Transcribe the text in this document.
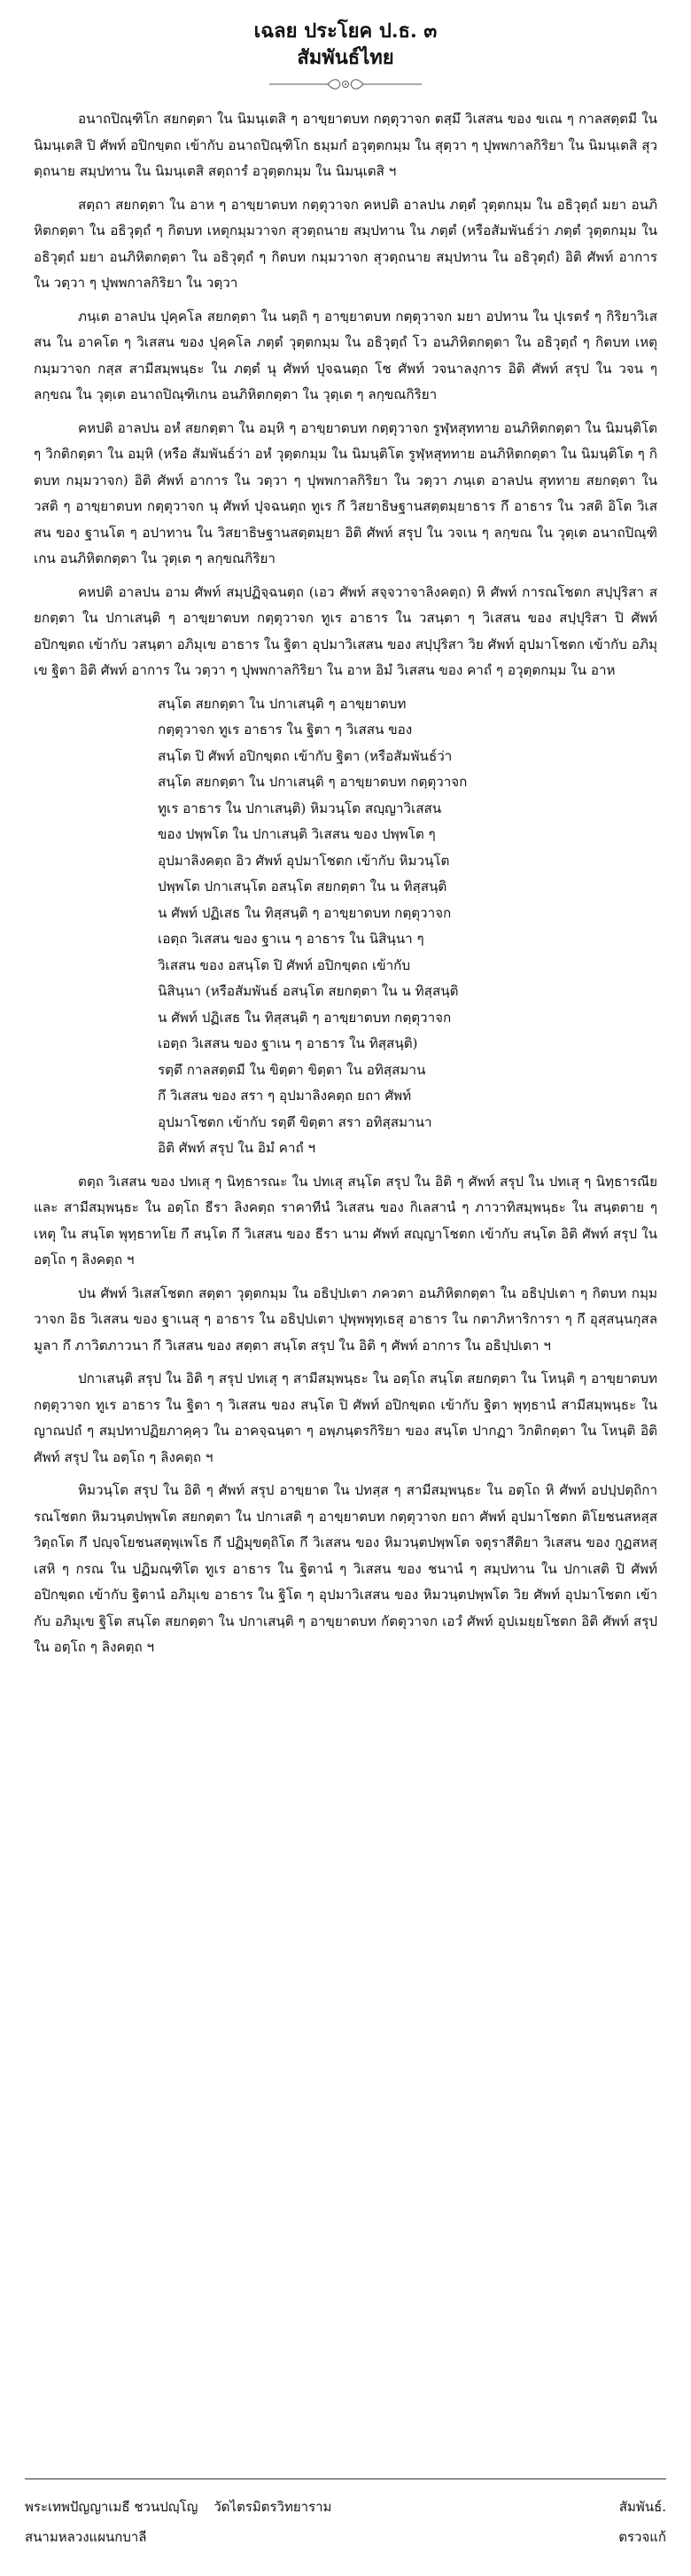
เฉลย ประโยค ป.ธ. ๓
สัมพันธ์ไทย

อนาถปิณฺฑิโก สยกตฺตา ใน นิมนฺเตสิ ๆ อาขฺยาตบท กตฺตุวาจก ตสฺมึ วิเสสน ของ ขเณ ๆ กาลสตฺตมี ใน นิมนฺเตสิ ปิ ศัพท์ อปิกขฺตถ เข้ากับ อนาถปิณฺฑิโก ธมฺมกํ อวุตฺตกมฺม ใน สุตฺวา ๆ ปุพพกาลกิริยา ใน นิมนฺเตสิ สุวตฺถนาย สมฺปทาน ใน นิมนฺเตสิ สตฺถารํ อวุตฺตกมฺม ใน นิมนฺเตสิ ฯ

สตฺถา สยกตฺตา ใน อาห ๆ อาขฺยาตบท กตฺตุวาจก คหปติ อาลปน ภตฺตํ วุตฺตกมฺม ใน อธิวุตฺถํ มยา อนภิหิตกตฺตา ใน อธิวุตฺถํ ๆ กิตบท เหตุกมฺมวาจก สุวตฺถนาย สมฺปทาน ใน ภตฺตํ (หรือสัมพันธ์ว่า ภตฺตํ วุตฺตกมฺม ใน อธิวุตฺถํ มยา อนภิหิตกตฺตา ใน อธิวุตฺถํ ๆ กิตบท กมฺมวาจก สุวตฺถนาย สมฺปทาน ใน อธิวุตฺถํ) อิติ ศัพท์ อาการ ใน วตฺวา ๆ ปุพพกาลกิริยา ใน วตฺวา

ภนฺเต อาลปน ปุคฺคโล สยกตฺตา ใน นตฺถิ ๆ อาขฺยาตบท กตฺตุวาจก มยา อปทาน ใน ปุเรตรํ ๆ กิริยาวิเสสน ใน อาคโต ๆ วิเสสน ของ ปุคฺคโล ภตฺตํ วุตฺตกมฺม ใน อธิวุตฺถํ โว อนภิหิตกตฺตา ใน อธิวุตฺถํ ๆ กิตบท เหตุกมฺมวาจก กสฺส สามีสมฺพนฺธะ ใน ภตฺตํ นุ ศัพท์ ปุจฉนตฺถ โช ศัพท์ วจนาลงฺการ อิติ ศัพท์ สรุป ใน วจน ๆ ลกฺขณ ใน วุตฺเต อนาถปิณฺฑิเกน อนภิหิตกตฺตา ใน วุตฺเต ๆ ลกฺขณกิริยา

คหปติ อาลปน อหํ สยกตฺตา ใน อมฺหิ ๆ อาขฺยาตบท กตฺตุวาจก รูฬฺหสุททาย อนภิหิตกตฺตา ใน นิมนฺติโต ๆ วิกติกตฺตา ใน อมฺหิ (หรือ สัมพันธ์ว่า อหํ วุตฺตกมฺม ใน นิมนฺติโต รูฬฺหสุททาย อนภิหิตกตฺตา ใน นิมนฺติโต ๆ กิตบท กมฺมวาจก) อิติ ศัพท์ อาการ ใน วตฺวา ๆ ปุพพกาลกิริยา ใน วตฺวา ภนฺเต อาลปน สุททาย สยกตฺตา ใน วสติ ๆ อาขฺยาตบท กตฺตุวาจก นุ ศัพท์ ปุจฉนตฺถ ทูเร กึ วิสยาธิษฐานสตฺตมฺยาธาร กึ อาธาร ใน วสติ อิโต วิเสสน ของ ฐานโต ๆ อปาทาน ใน วิสยาธิษฐานสตฺตมฺยา อิติ ศัพท์ สรุป ใน วจเน ๆ ลกฺขณ ใน วุตฺเต อนาถปิณฺฑิเกน อนภิหิตกตฺตา ใน วุตฺเต ๆ ลกฺขณกิริยา

คหปติ อาลปน อาม ศัพท์ สมฺปฏิจฺฉนตฺถ (เอว ศัพท์ สจฺจวาจาลิงคตฺถ) หิ ศัพท์ การณโชตก สปฺปุริสา สยกตฺตา ใน ปกาเสนฺติ ๆ อาขฺยาตบท กตฺตุวาจก ทูเร อาธาร ใน วสนฺตา ๆ วิเสสน ของ สปฺปุริสา ปิ ศัพท์ อปิกขฺตถ เข้ากับ วสนฺตา อภิมุเข อาธาร ใน ฐิตา อุปมาวิเสสน ของ สปฺปุริสา วิย ศัพท์ อุปมาโชตก เข้ากับ อภิมุเข ฐิตา อิติ ศัพท์ อาการ ใน วตฺวา ๆ ปุพพกาลกิริยา ใน อาห อิมํ วิเสสน ของ คาถํ ๆ อวุตฺตกมฺม ใน อาห

สนฺโต สยกตฺตา ใน ปกาเสนฺติ ๆ อาขฺยาตบท
กตฺตุวาจก ทูเร อาธาร ใน ฐิตา ๆ วิเสสน ของ
สนฺโต ปิ ศัพท์ อปิกขฺตถ เข้ากับ ฐิตา (หรือสัมพันธ์ว่า
สนฺโต สยกตฺตา ใน ปกาเสนฺติ ๆ อาขฺยาตบท กตฺตุวาจก
ทูเร อาธาร ใน ปกาเสนฺติ) หิมวนฺโต สญฺญาวิเสสน
ของ ปพฺพโต ใน ปกาเสนฺติ วิเสสน ของ ปพฺพโต ๆ
อุปมาลิงคตฺถ อิว ศัพท์ อุปมาโชตก เข้ากับ หิมวนฺโต
ปพฺพโต ปกาเสนฺโต อสนฺโต สยกตฺตา ใน น ทิสฺสนฺติ
น ศัพท์ ปฏิเสธ ใน ทิสฺสนฺติ ๆ อาขฺยาตบท กตฺตุวาจก
เอตฺถ วิเสสน ของ ฐาเน ๆ อาธาร ใน นิสินฺนา ๆ
วิเสสน ของ อสนฺโต ปิ ศัพท์ อปิกขฺตถ เข้ากับ
นิสินฺนา (หรือสัมพันธ์ อสนฺโต สยกตฺตา ใน น ทิสฺสนฺติ
น ศัพท์ ปฏิเสธ ใน ทิสฺสนฺติ ๆ อาขฺยาตบท กตฺตุวาจก
เอตฺถ วิเสสน ของ ฐาเน ๆ อาธาร ใน ทิสฺสนฺติ)
รตฺตึ กาลสตฺตมี ใน ขิตฺตา ขิตฺตา ใน อทิสฺสมาน
กึ วิเสสน ของ สรา ๆ อุปมาลิงคตฺถ ยถา ศัพท์
อุปมาโชตก เข้ากับ รตฺตึ ขิตฺตา สรา อทิสฺสมานา
อิติ ศัพท์ สรุป ใน อิมํ คาถํ ฯ

ตตฺถ วิเสสน ของ ปทเสุ ๆ นิทฺธารณะ ใน ปทเสุ สนฺโต สรุป ใน อิติ ๆ ศัพท์ สรุป ใน ปทเสุ ๆ นิทฺธารณีย และ สามีสมฺพนฺธะ ใน อตฺโถ ธีรา ลิงคตฺถ ราคาทีนํ วิเสสน ของ กิเลสานํ ๆ ภาวาทิสมฺพนฺธะ ใน สนฺตตาย ๆ เหตุ ใน สนฺโต พุทฺธาทโย กึ สนฺโต กึ วิเสสน ของ ธีรา นาม ศัพท์ สญฺญาโชตก เข้ากับ สนฺโต อิติ ศัพท์ สรุป ใน อตฺโถ ๆ ลิงคตฺถ ฯ

ปน ศัพท์ วิเสสโชตก สตฺตา วุตฺตกมฺม ใน อธิปฺปเตา ภควตา อนภิหิตกตฺตา ใน อธิปฺปเตา ๆ กิตบท กมฺมวาจก อิธ วิเสสน ของ ฐาเนสุ ๆ อาธาร ใน อธิปฺปเตา ปุพฺพพุทฺเธสุ อาธาร ใน กตาภิหาริการา ๆ กึ อุสฺสนฺนกุสลมูลา กึ ภาวิตภาวนา กึ วิเสสน ของ สตฺตา สนฺโต สรุป ใน อิติ ๆ ศัพท์ อาการ ใน อธิปฺปเตา ฯ

ปกาเสนฺติ สรุป ใน อิติ ๆ สรุป ปทเสุ ๆ สามีสมฺพนฺธะ ใน อตฺโถ สนฺโต สยกตฺตา ใน โหนฺติ ๆ อาขฺยาตบท กตฺตุวาจก ทูเร อาธาร ใน ฐิตา ๆ วิเสสน ของ สนฺโต ปิ ศัพท์ อปิกขฺตถ เข้ากับ ฐิตา พุทฺธานํ สามีสมฺพนฺธะ ใน ญาณปถํ ๆ สมฺปทาปฏิยภาคฺคฺว ใน อาคจฺฉนฺตา ๆ อพฺภนฺตรกิริยา ของ สนฺโต ปากฏา วิกติกตฺตา ใน โหนฺติ อิติ ศัพท์ สรุป ใน อตฺโถ ๆ ลิงคตฺถ ฯ

หิมวนฺโต สรุป ใน อิติ ๆ ศัพท์ สรุป อาขฺยาต ใน ปทสฺส ๆ สามีสมฺพนฺธะ ใน อตฺโถ หิ ศัพท์ อปปฺปตฺถิการณโชตก หิมวนฺตปพฺพโต สยกตฺตา ใน ปกาเสติ ๆ อาขฺยาตบท กตฺตุวาจก ยถา ศัพท์ อุปมาโชตก ติโยชนสหสฺสวิตฺถโต กึ ปญฺจโยชนสตุพฺเพโธ กึ ปฏิมุขตฺถิโต กึ วิเสสน ของ หิมวนฺตปพฺพโต จตุราสีติยา วิเสสน ของ กูฏสหสฺเสหิ ๆ กรณ ใน ปฏิมณฺฑิโต ทูเร อาธาร ใน ฐิตานํ ๆ วิเสสน ของ ชนานํ ๆ สมฺปทาน ใน ปกาเสติ ปิ ศัพท์ อปิกขฺตถ เข้ากับ ฐิตานํ อภิมุเข อาธาร ใน ฐิโต ๆ อุปมาวิเสสน ของ หิมวนฺตปพฺพโต วิย ศัพท์ อุปมาโชตก เข้ากับ อภิมุเข ฐิโต สนฺโต สยกตฺตา ใน ปกาเสนฺติ ๆ อาขฺยาตบท กัตตุวาจก เอวํ ศัพท์ อุปเมยฺยโชตก อิติ ศัพท์ สรุป ใน อตฺโถ ๆ ลิงคตฺถ ฯ

พระเทพปัญญาเมธี ชวนปญฺโญ วัดไตรมิตรวิทยาราม	สัมพันธ์.
สนามหลวงแผนกบาลี	ตรวจแก้
